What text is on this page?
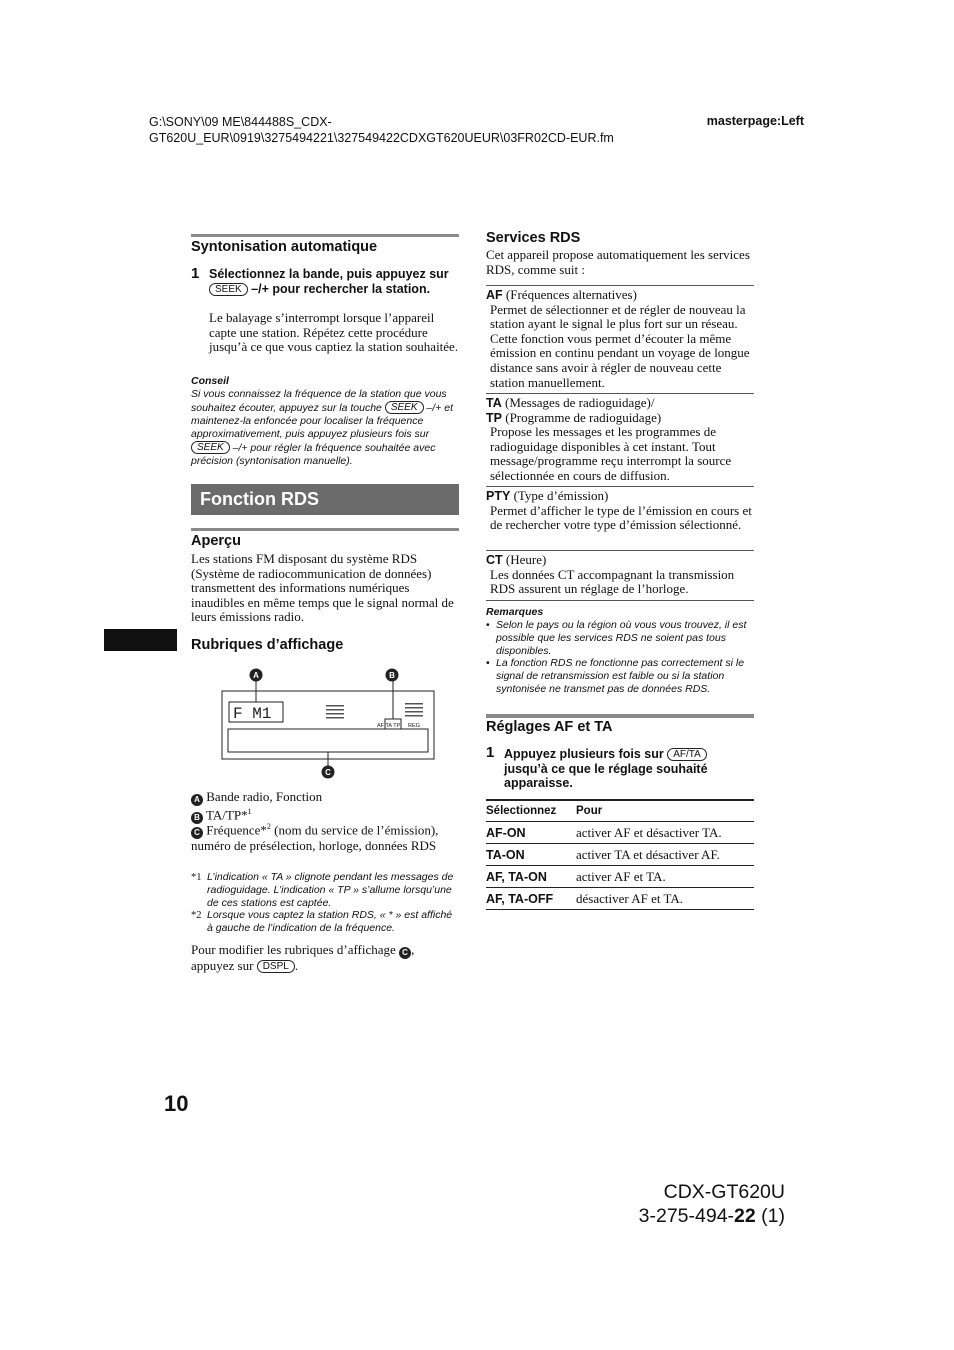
G:\SONY\09 ME\844488S_CDX-
GT620U_EUR\0919\3275494221\327549422CDXGT620UEUR\03FR02CD-EUR.fm
masterpage:Left
Syntonisation automatique
1 Sélectionnez la bande, puis appuyez sur SEEK –/+ pour rechercher la station.
Le balayage s’interrompt lorsque l’appareil capte une station. Répétez cette procédure jusqu’à ce que vous captiez la station souhaitée.
Conseil
Si vous connaissez la fréquence de la station que vous souhaitez écouter, appuyez sur la touche SEEK –/+ et maintenez-la enfoncée pour localiser la fréquence approximativement, puis appuyez plusieurs fois sur SEEK –/+ pour régler la fréquence souhaitée avec précision (syntonisation manuelle).
Fonction RDS
Aperçu
Les stations FM disposant du système RDS (Système de radiocommunication de données) transmettent des informations numériques inaudibles en même temps que le signal normal de leurs émissions radio.
Rubriques d’affichage
F M1
AF TA TP REG
A	B
C
A Bande radio, Fonction
B TA/TP*$^1$
C Fréquence*$^2$ (nom du service de l’émission), numéro de présélection, horloge, données RDS
*1 L’indication « TA » clignote pendant les messages de radioguidage. L’indication « TP » s’allume lorsqu’une de ces stations est captée.
*2 Lorsque vous captez la station RDS, « * » est affiché à gauche de l’indication de la fréquence.
Pour modifier les rubriques d’affichage C , appuyez sur DSPL .
Services RDS
Cet appareil propose automatiquement les services RDS, comme suit :
AF (Fréquences alternatives)
Permet de sélectionner et de régler de nouveau la station ayant le signal le plus fort sur un réseau. Cette fonction vous permet d’écouter la même émission en continu pendant un voyage de longue distance sans avoir à régler de nouveau cette station manuellement.
TA (Messages de radioguidage)/
TP (Programme de radioguidage)
Propose les messages et les programmes de radioguidage disponibles à cet instant. Tout message/programme reçu interrompt la source sélectionnée en cours de diffusion.
PTY (Type d’émission)
Permet d’afficher le type de l’émission en cours et de rechercher votre type d’émission sélectionné.
CT (Heure)
Les données CT accompagnant la transmission RDS assurent un réglage de l’horloge.
Remarques
• Selon le pays ou la région où vous vous trouvez, il est possible que les services RDS ne soient pas tous disponibles.
• La fonction RDS ne fonctionne pas correctement si le signal de retransmission est faible ou si la station syntonisée ne transmet pas de données RDS.
Réglages AF et TA
1 Appuyez plusieurs fois sur AF/TA jusqu’à ce que le réglage souhaité apparaisse.
Sélectionnez	Pour
AF-ON	activer AF et désactiver TA.
TA-ON	activer TA et désactiver AF.
AF, TA-ON	activer AF et TA.
AF, TA-OFF	désactiver AF et TA.
10
CDX-GT620U
3-275-494-22 (1)
